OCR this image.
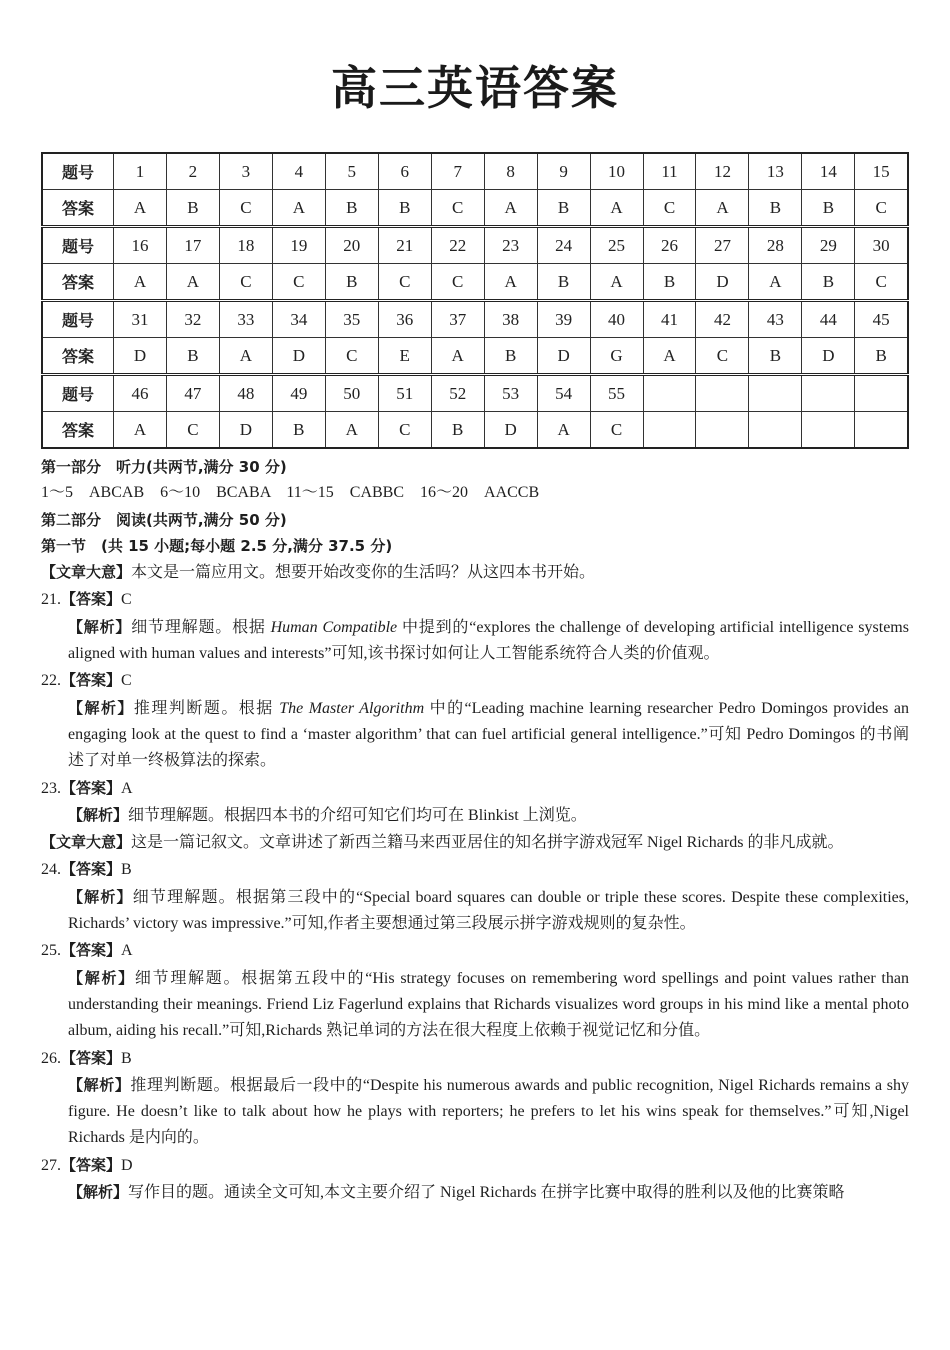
高三英语答案
题号	1	2	3	4	5	6	7	8	9	10	11	12	13	14	15
答案	A	B	C	A	B	B	C	A	B	A	C	A	B	B	C
题号	16	17	18	19	20	21	22	23	24	25	26	27	28	29	30
答案	A	A	C	C	B	C	C	A	B	A	B	D	A	B	C
题号	31	32	33	34	35	36	37	38	39	40	41	42	43	44	45
答案	D	B	A	D	C	E	A	B	D	G	A	C	B	D	B
题号	46	47	48	49	50	51	52	53	54	55					
答案	A	C	D	B	A	C	B	D	A	C					

第一部分　听力(共两节,满分 30 分)

1～5　ABCAB　6～10　BCABA　11～15　CABBC　16～20　AACCB

第二部分　阅读(共两节,满分 50 分)

第一节　(共 15 小题;每小题 2.5 分,满分 37.5 分)

【文章大意】本文是一篇应用文。想要开始改变你的生活吗？从这四本书开始。

21.【答案】C

【解析】细节理解题。根据 Human Compatible 中提到的“explores the challenge of developing artificial intelligence systems aligned with human values and interests”可知,该书探讨如何让人工智能系统符合人类的价值观。

22.【答案】C

【解析】推理判断题。根据 The Master Algorithm 中的“Leading machine learning researcher Pedro Domingos provides an engaging look at the quest to find a ‘master algorithm’ that can fuel artificial general intelligence.”可知 Pedro Domingos 的书阐述了对单一终极算法的探索。

23.【答案】A

【解析】细节理解题。根据四本书的介绍可知它们均可在 Blinkist 上浏览。

【文章大意】这是一篇记叙文。文章讲述了新西兰籍马来西亚居住的知名拼字游戏冠军 Nigel Richards 的非凡成就。

24.【答案】B

【解析】细节理解题。根据第三段中的“Special board squares can double or triple these scores. Despite these complexities, Richards’ victory was impressive.”可知,作者主要想通过第三段展示拼字游戏规则的复杂性。

25.【答案】A

【解析】细节理解题。根据第五段中的“His strategy focuses on remembering word spellings and point values rather than understanding their meanings. Friend Liz Fagerlund explains that Richards visualizes word groups in his mind like a mental photo album, aiding his recall.”可知,Richards 熟记单词的方法在很大程度上依赖于视觉记忆和分值。

26.【答案】B

【解析】推理判断题。根据最后一段中的“Despite his numerous awards and public recognition, Nigel Richards remains a shy figure. He doesn’t like to talk about how he plays with reporters; he prefers to let his wins speak for themselves.”可知,Nigel Richards 是内向的。

27.【答案】D

【解析】写作目的题。通读全文可知,本文主要介绍了 Nigel Richards 在拼字比赛中取得的胜利以及他的比赛策略
